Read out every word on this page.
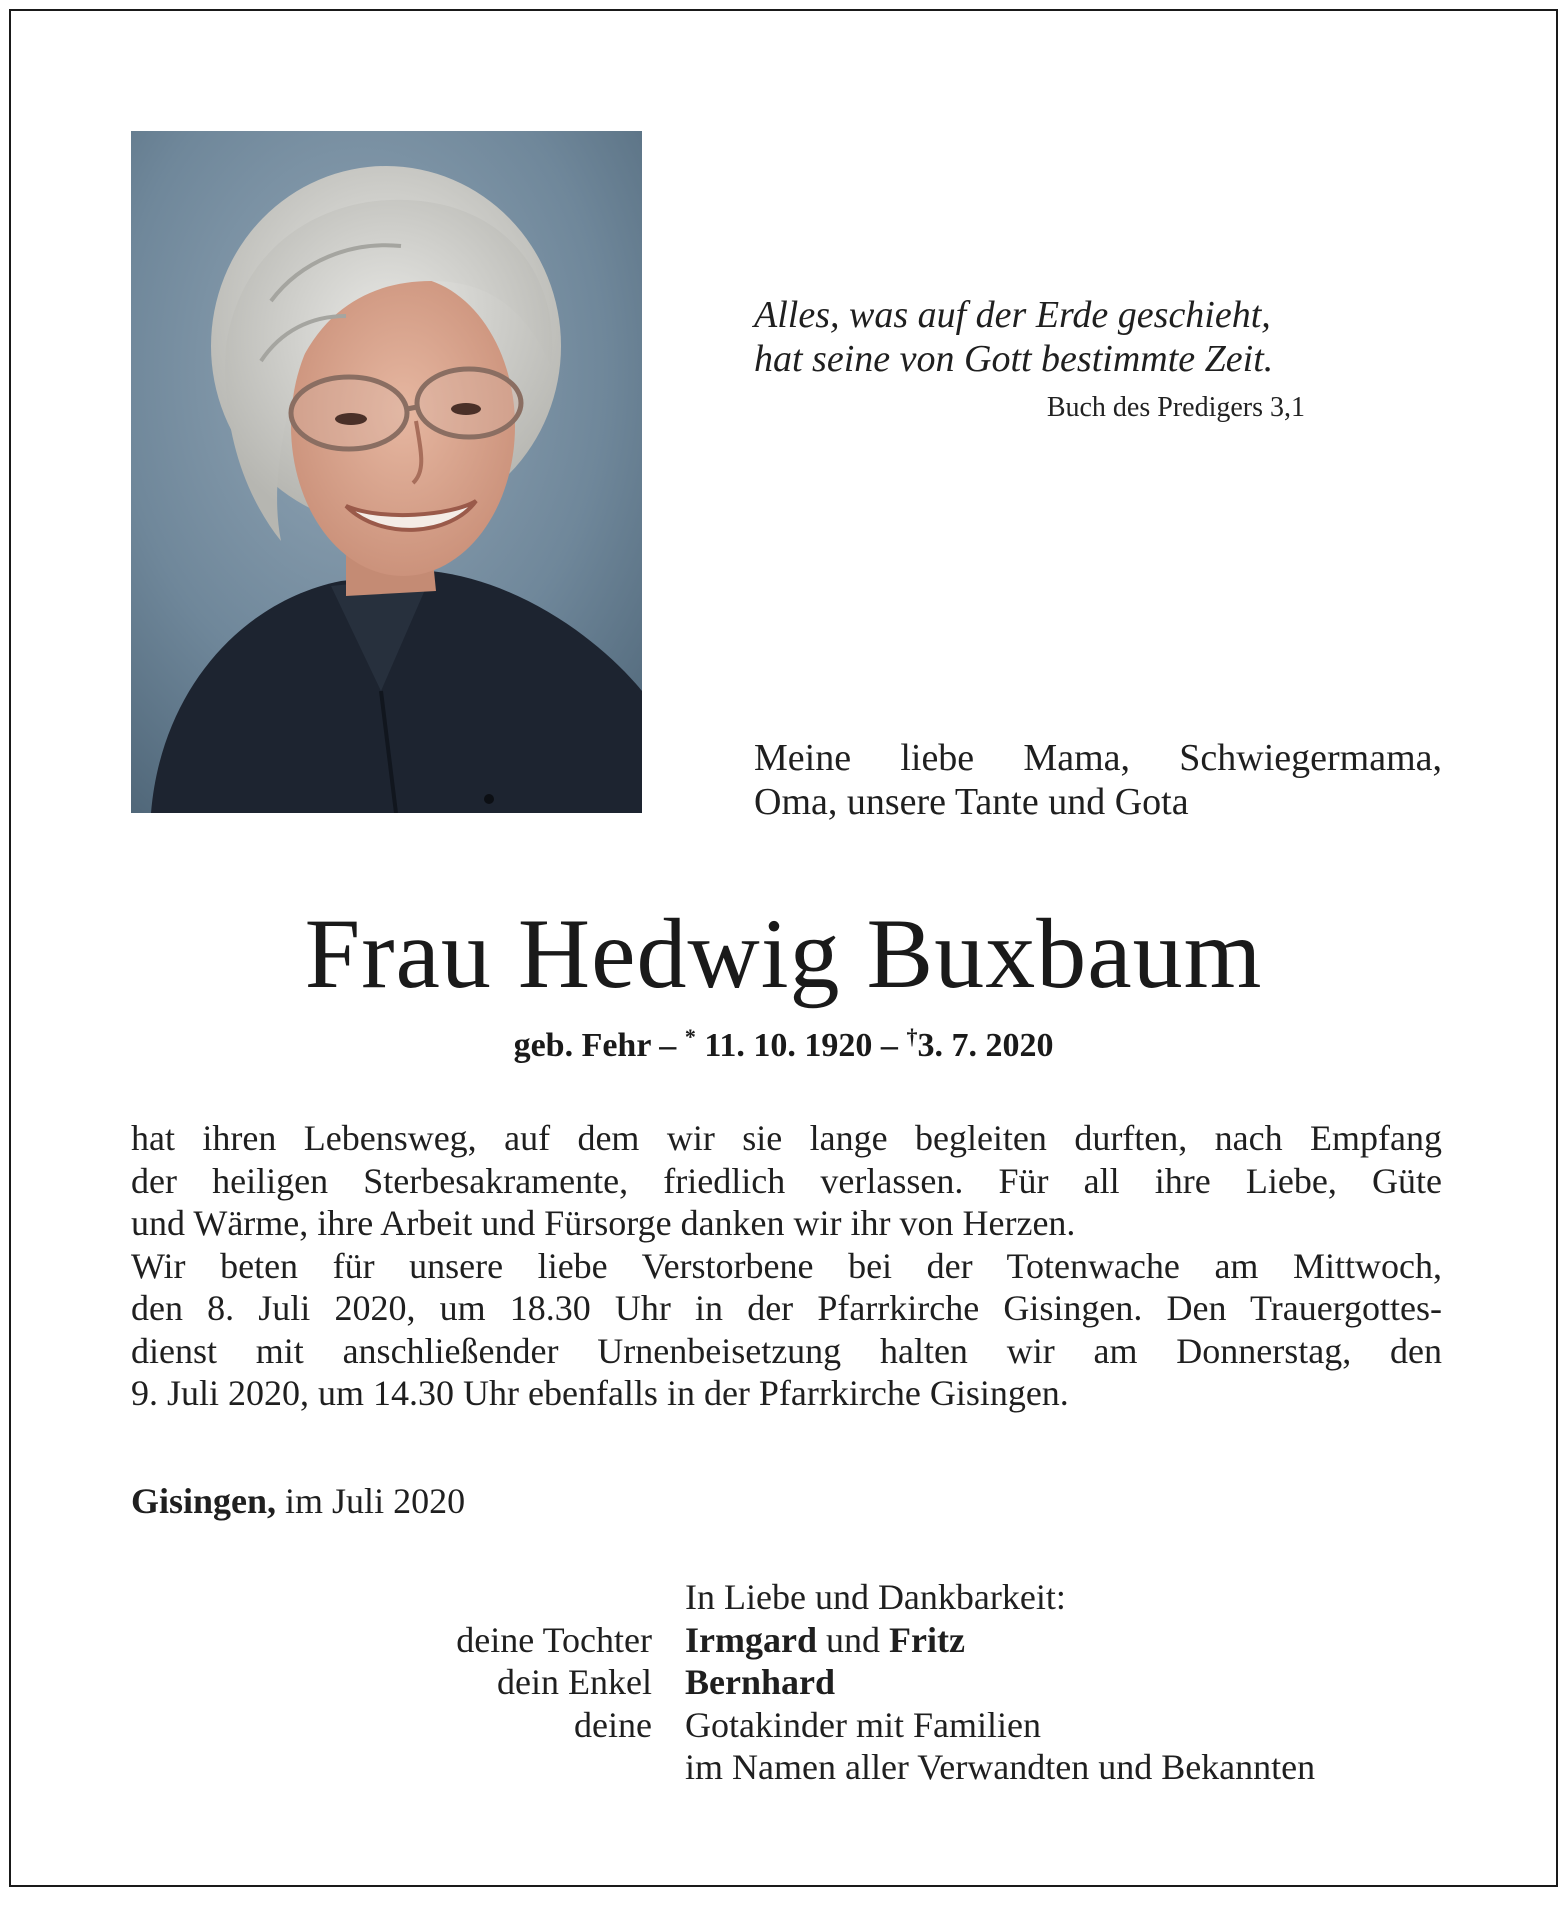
Alles, was auf der Erde geschieht,
hat seine von Gott bestimmte Zeit.
Buch des Predigers 3,1
Meine liebe Mama, Schwiegermama,
Oma, unsere Tante und Gota
Frau Hedwig Buxbaum
geb. Fehr – * 11. 10. 1920 – †3. 7. 2020
hat ihren Lebensweg, auf dem wir sie lange begleiten durften, nach Empfang
der heiligen Sterbesakramente, friedlich verlassen. Für all ihre Liebe, Güte
und Wärme, ihre Arbeit und Fürsorge danken wir ihr von Herzen.
Wir beten für unsere liebe Verstorbene bei der Totenwache am Mittwoch,
den 8. Juli 2020, um 18.30 Uhr in der Pfarrkirche Gisingen. Den Trauergottes-
dienst mit anschließender Urnenbeisetzung halten wir am Donnerstag, den
9. Juli 2020, um 14.30 Uhr ebenfalls in der Pfarrkirche Gisingen.
Gisingen, im Juli 2020
In Liebe und Dankbarkeit:
deine Tochter Irmgard und Fritz
dein Enkel Bernhard
deine Gotakinder mit Familien
im Namen aller Verwandten und Bekannten
